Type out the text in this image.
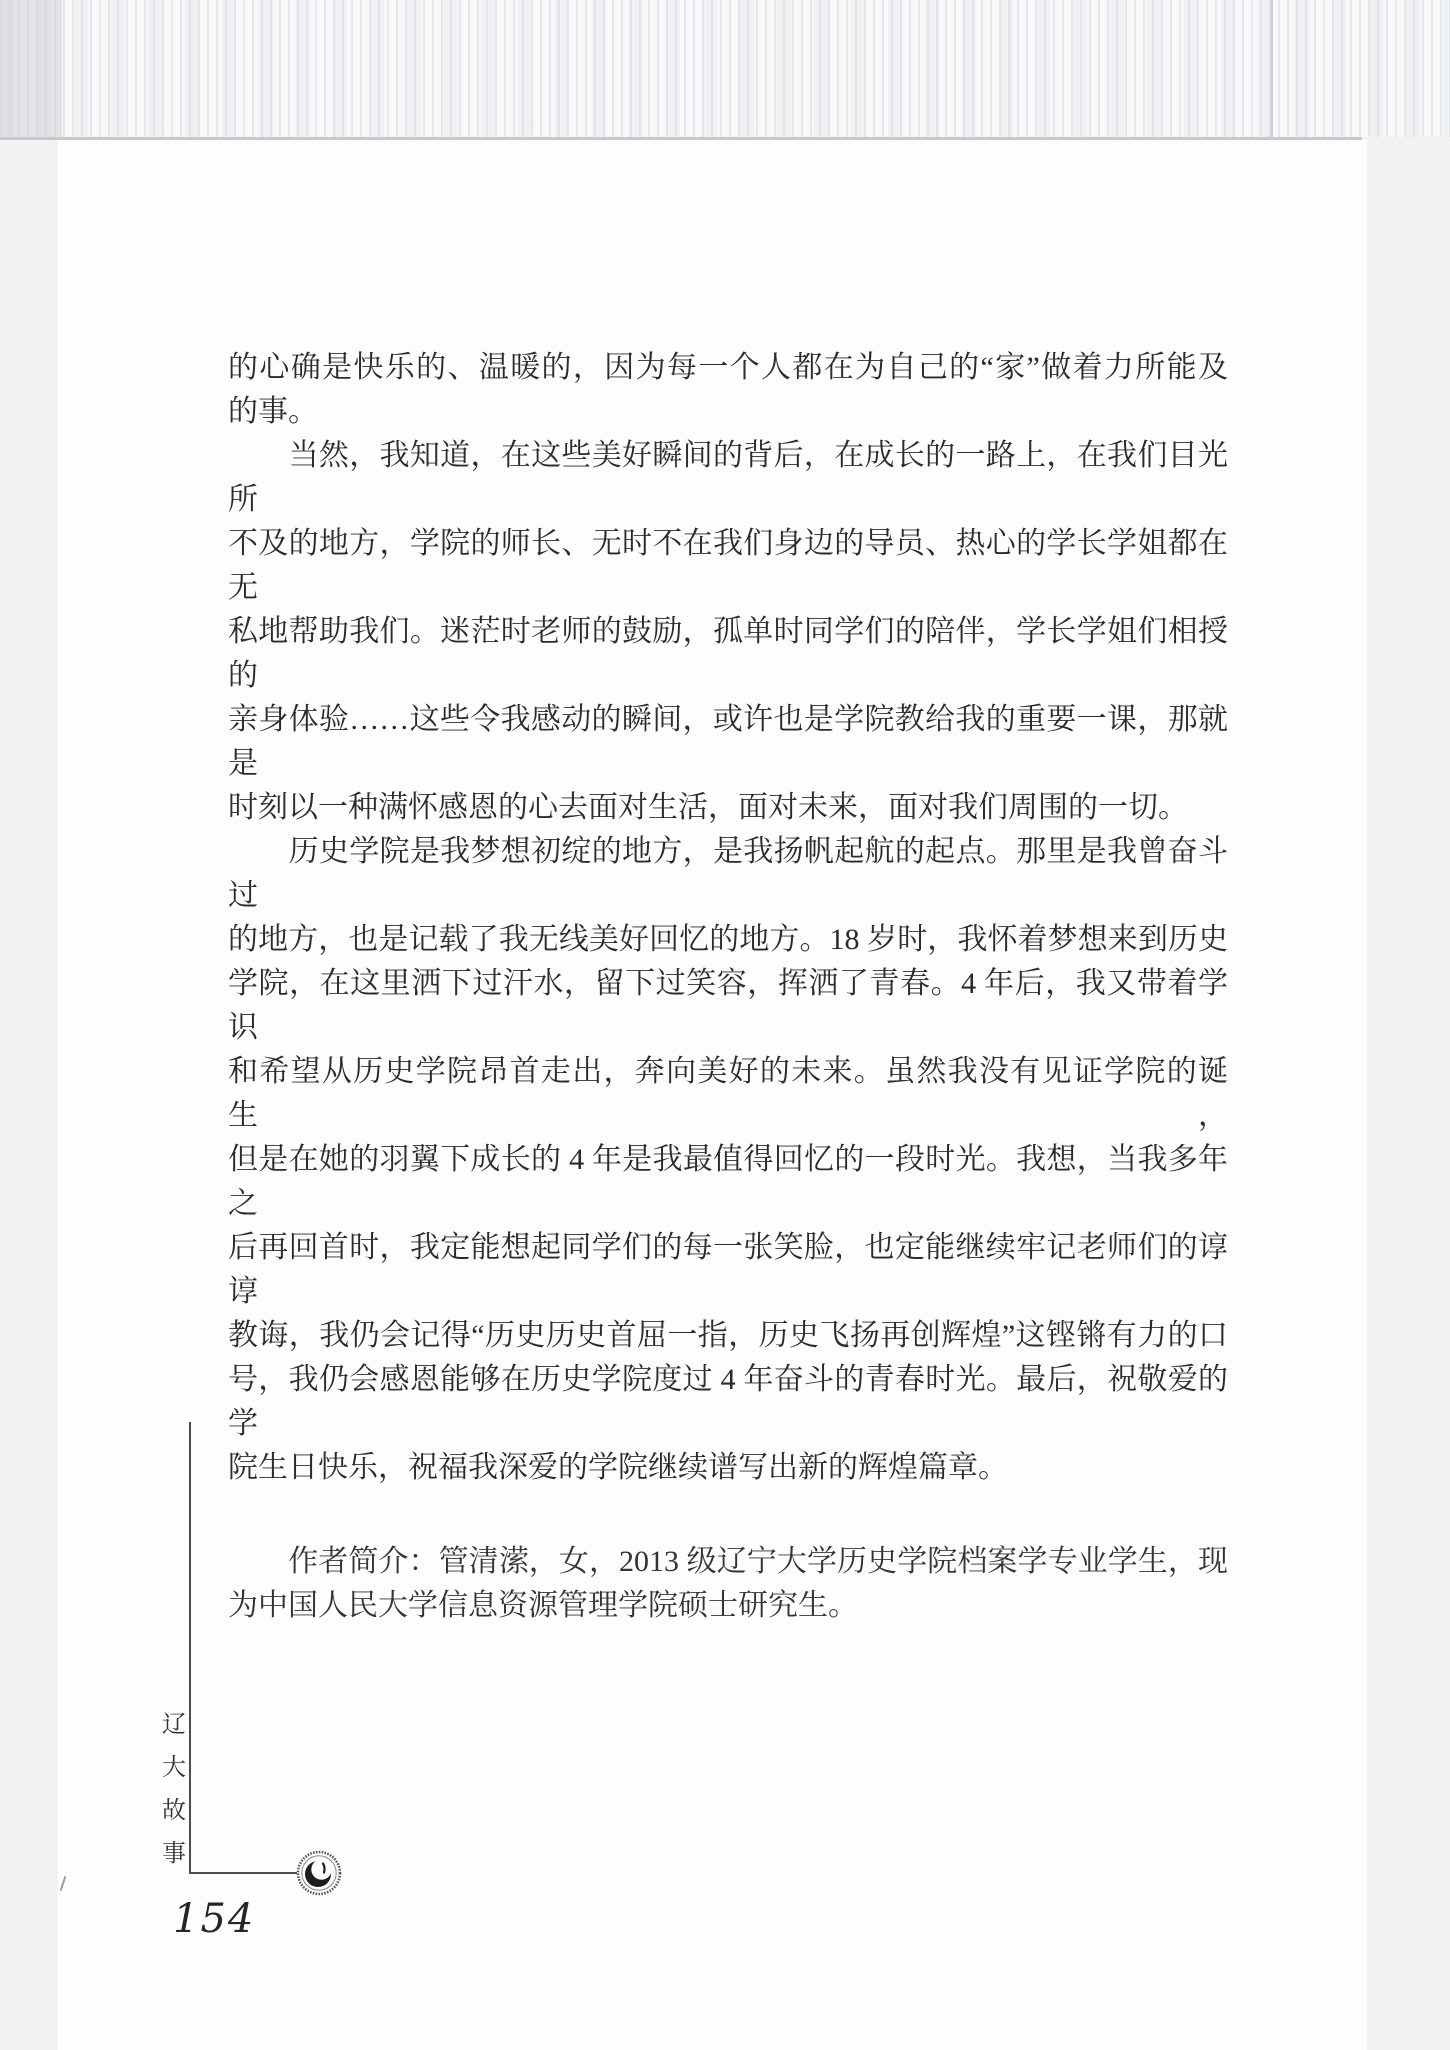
的心确是快乐的、温暖的，因为每一个人都在为自己的“家”做着力所能及
的事。
　　当然，我知道，在这些美好瞬间的背后，在成长的一路上，在我们目光所
不及的地方，学院的师长、无时不在我们身边的导员、热心的学长学姐都在无
私地帮助我们。迷茫时老师的鼓励，孤单时同学们的陪伴，学长学姐们相授的
亲身体验……这些令我感动的瞬间，或许也是学院教给我的重要一课，那就是
时刻以一种满怀感恩的心去面对生活，面对未来，面对我们周围的一切。
　　历史学院是我梦想初绽的地方，是我扬帆起航的起点。那里是我曾奋斗过
的地方，也是记载了我无线美好回忆的地方。18 岁时，我怀着梦想来到历史
学院，在这里洒下过汗水，留下过笑容，挥洒了青春。4 年后，我又带着学识
和希望从历史学院昂首走出，奔向美好的未来。虽然我没有见证学院的诞生，
但是在她的羽翼下成长的 4 年是我最值得回忆的一段时光。我想，当我多年之
后再回首时，我定能想起同学们的每一张笑脸，也定能继续牢记老师们的谆谆
教诲，我仍会记得“历史历史首屈一指，历史飞扬再创辉煌”这铿锵有力的口
号，我仍会感恩能够在历史学院度过 4 年奋斗的青春时光。最后，祝敬爱的学
院生日快乐，祝福我深爱的学院继续谱写出新的辉煌篇章。
　　作者简介：管清潆，女，2013 级辽宁大学历史学院档案学专业学生，现
为中国人民大学信息资源管理学院硕士研究生。
辽
大
故
事
154
